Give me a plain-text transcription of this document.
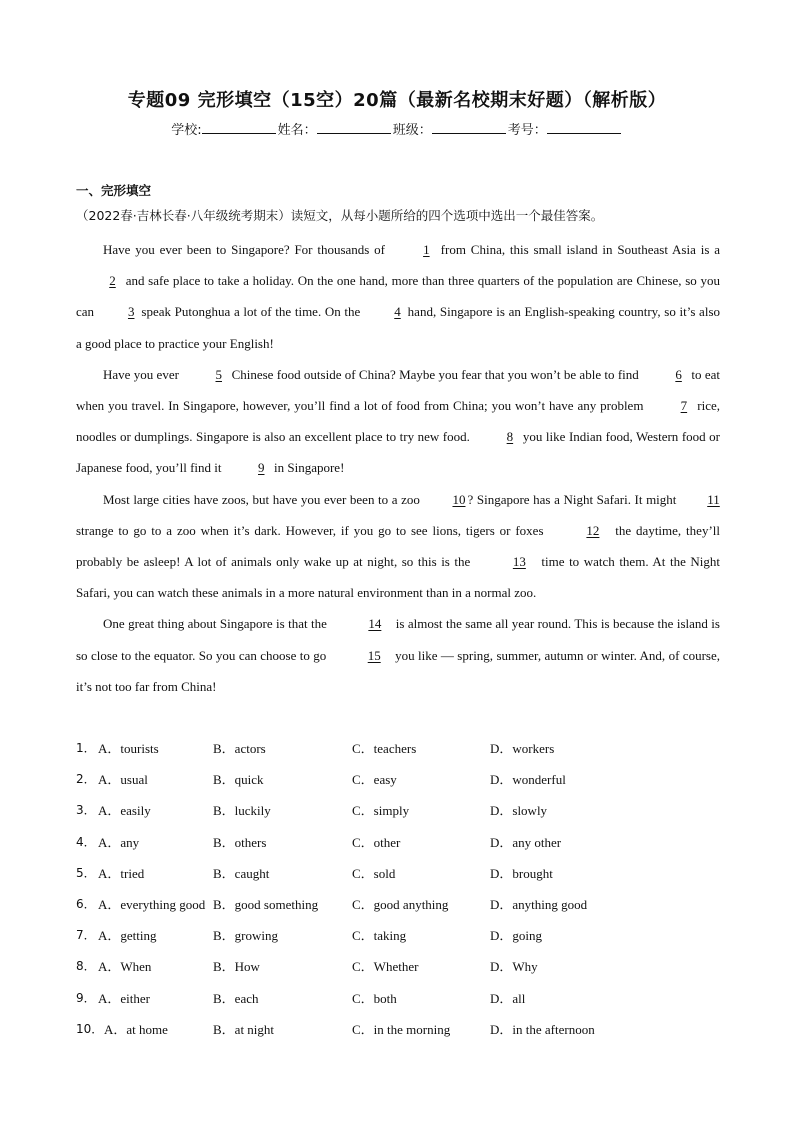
专题09 完形填空（15空）20篇（最新名校期末好题）（解析版）
学校:	姓名：	班级：	考号：
一、完形填空
（2022春·吉林长春·八年级统考期末）读短文，从每小题所给的四个选项中选出一个最佳答案。

Have you ever been to Singapore? For thousands of	1 from China, this small island in Southeast Asia is a 2 and safe place to take a holiday. On the one hand, more than three quarters of the population are Chinese, so you can 3 speak Putonghua a lot of the time. On the 4 hand, Singapore is an English-speaking country, so it’s also a good place to practice your English!

Have you ever	5 Chinese food outside of China? Maybe you fear that you won’t be able to find	6 to eat when you travel. In Singapore, however, you’ll find a lot of food from China; you won’t have any problem	7 rice, noodles or dumplings. Singapore is also an excellent place to try new food.	8 you like Indian food, Western food or Japanese food, you’ll find it	9 in Singapore!

Most large cities have zoos, but have you ever been to a zoo 10 ? Singapore has a Night Safari. It might 11 strange to go to a zoo when it’s dark. However, if you go to see lions, tigers or foxes	12 the daytime, they’ll probably be asleep! A lot of animals only wake up at night, so this is the	13 time to watch them. At the Night Safari, you can watch these animals in a more natural environment than in a normal zoo.

One great thing about Singapore is that the	14 is almost the same all year round. This is because the island is so close to the equator. So you can choose to go	15 you like — spring, summer, autumn or winter. And, of course, it’s not too far from China!

1． A．tourists	B．actors	C．teachers	D．workers
2． A．usual	B．quick	C．easy	D．wonderful
3． A．easily	B．luckily	C．simply	D．slowly
4． A．any	B．others	C．other	D．any other
5． A．tried	B．caught	C．sold	D．brought
6． A．everything good B．good something	C．good anything	D．anything good
7． A．getting	B．growing	C．taking	D．going
8． A．When	B．How	C．Whether	D．Why
9． A．either	B．each	C．both	D．all
10． A．at home	B．at night	C．in the morning	D．in the afternoon
